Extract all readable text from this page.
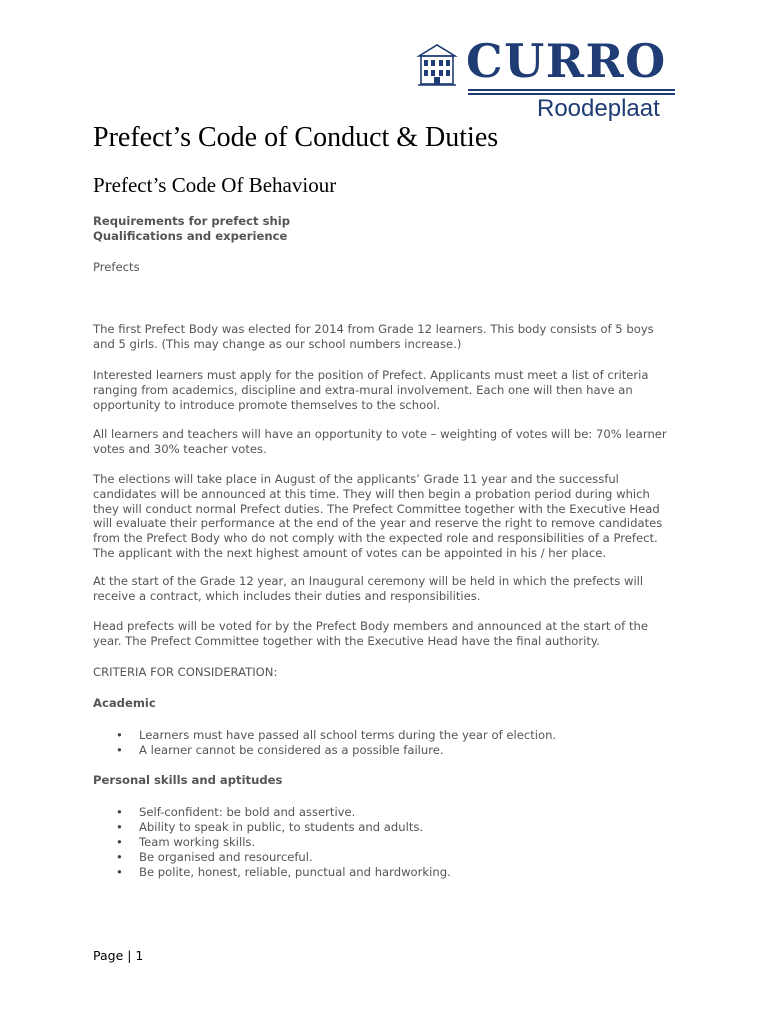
CURRO
Roodeplaat
Prefect’s Code of Conduct & Duties
Prefect’s Code Of Behaviour

Requirements for prefect ship

Qualifications and experience

Prefects

The first Prefect Body was elected for 2014 from Grade 12 learners. This body consists of 5 boys and 5 girls. (This may change as our school numbers increase.)

Interested learners must apply for the position of Prefect. Applicants must meet a list of criteria ranging from academics, discipline and extra-mural involvement. Each one will then have an opportunity to introduce promote themselves to the school.

All learners and teachers will have an opportunity to vote – weighting of votes will be: 70% learner votes and 30% teacher votes.

The elections will take place in August of the applicants’ Grade 11 year and the successful candidates will be announced at this time. They will then begin a probation period during which they will conduct normal Prefect duties. The Prefect Committee together with the Executive Head will evaluate their performance at the end of the year and reserve the right to remove candidates from the Prefect Body who do not comply with the expected role and responsibilities of a Prefect. The applicant with the next highest amount of votes can be appointed in his / her place.

At the start of the Grade 12 year, an Inaugural ceremony will be held in which the prefects will receive a contract, which includes their duties and responsibilities.

Head prefects will be voted for by the Prefect Body members and announced at the start of the year. The Prefect Committee together with the Executive Head have the final authority.

CRITERIA FOR CONSIDERATION:

Academic

• Learners must have passed all school terms during the year of election.
• A learner cannot be considered as a possible failure.

Personal skills and aptitudes

• Self-confident: be bold and assertive.
• Ability to speak in public, to students and adults.
• Team working skills.
• Be organised and resourceful.
• Be polite, honest, reliable, punctual and hardworking.
Page | 1
